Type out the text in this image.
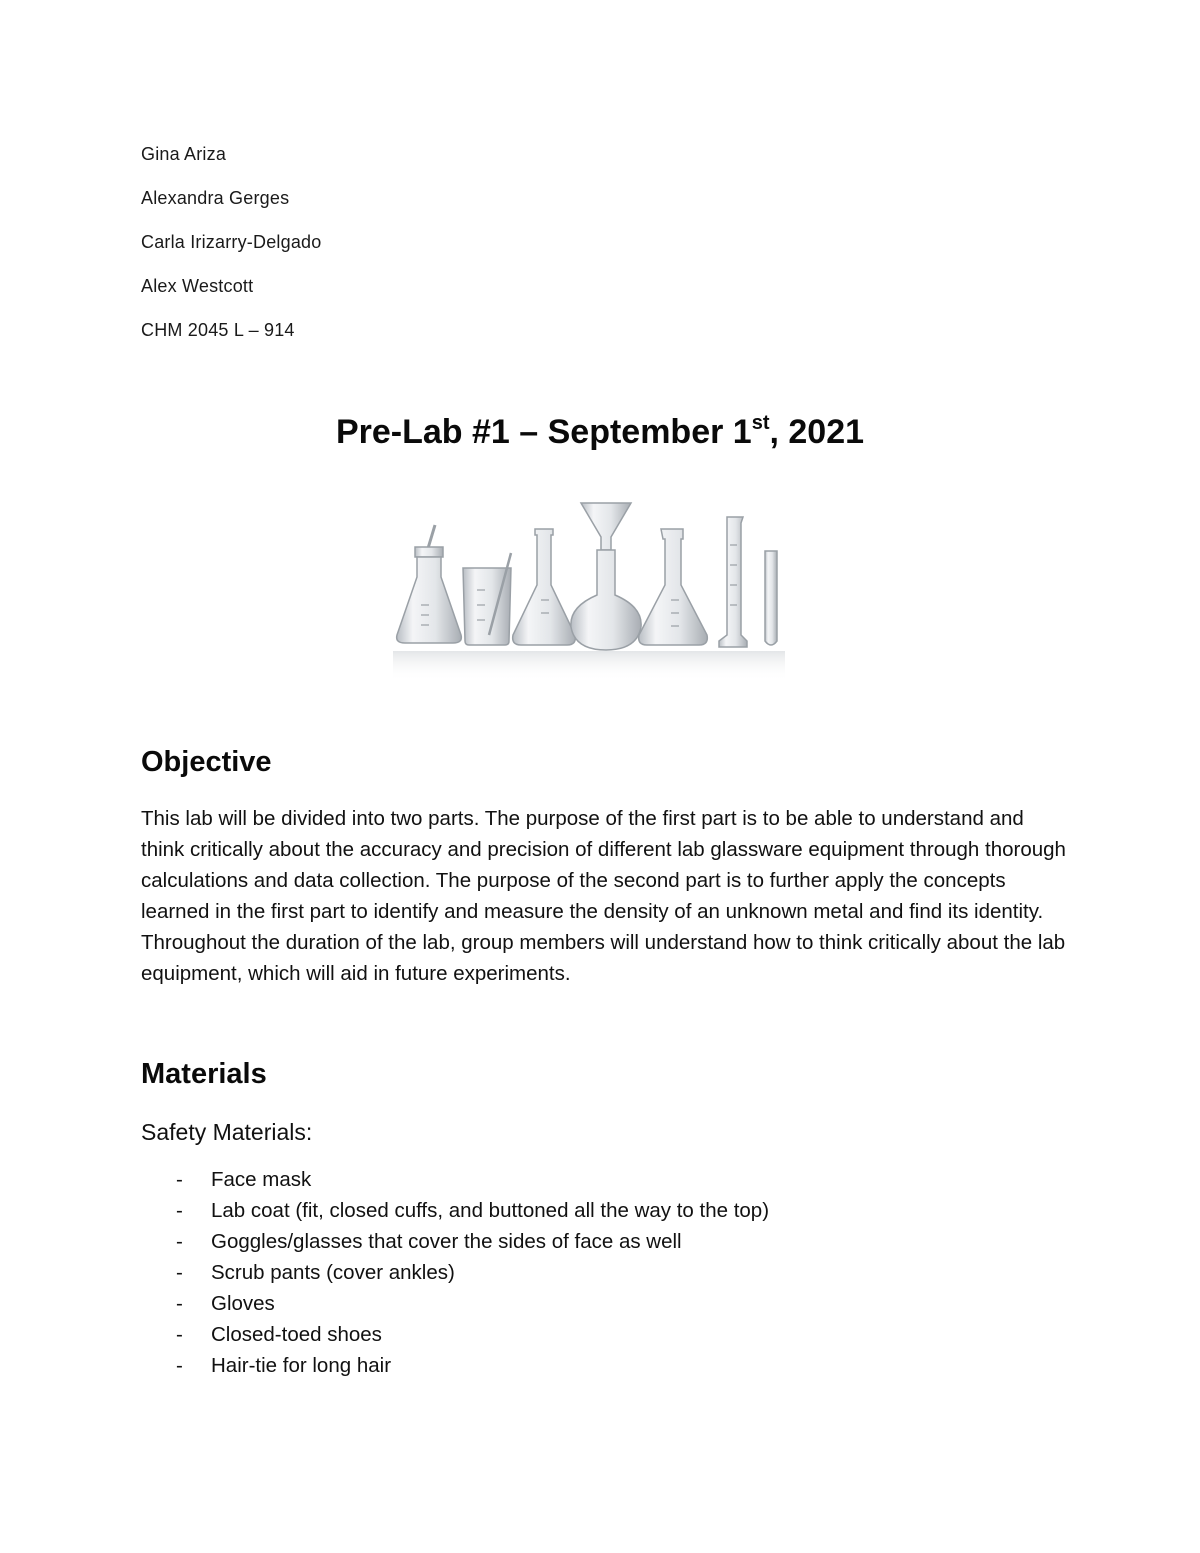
Gina Ariza
Alexandra Gerges
Carla Irizarry-Delgado
Alex Westcott
CHM 2045 L – 914
Pre-Lab #1 – September 1st, 2021
Objective
This lab will be divided into two parts. The purpose of the first part is to be able to understand and think critically about the accuracy and precision of different lab glassware equipment through thorough calculations and data collection. The purpose of the second part is to further apply the concepts learned in the first part to identify and measure the density of an unknown metal and find its identity. Throughout the duration of the lab, group members will understand how to think critically about the lab equipment, which will aid in future experiments.
Materials
Safety Materials:
- Face mask
- Lab coat (fit, closed cuffs, and buttoned all the way to the top)
- Goggles/glasses that cover the sides of face as well
- Scrub pants (cover ankles)
- Gloves
- Closed-toed shoes
- Hair-tie for long hair
